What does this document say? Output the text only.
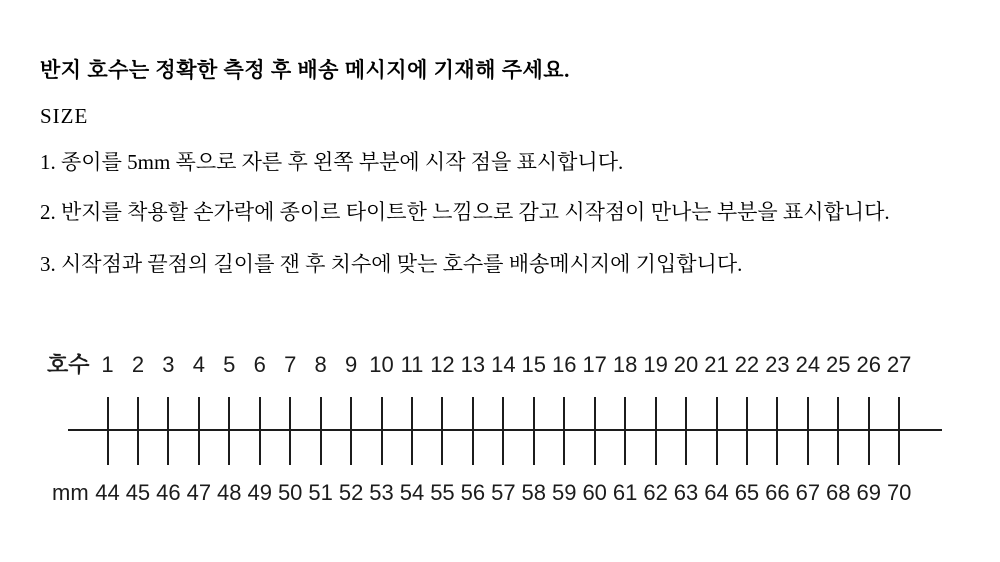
반지 호수는 정확한 측정 후 배송 메시지에 기재해 주세요.

SIZE

1. 종이를 5mm 폭으로 자른 후 왼쪽 부분에 시작 점을 표시합니다.

2. 반지를 착용할 손가락에 종이르 타이트한 느낌으로 감고 시작점이 만나는 부분을 표시합니다.

3. 시작점과 끝점의 길이를 잰 후 치수에 맞는 호수를 배송메시지에 기입합니다.

호수
mm
1
44
2
45
3
46
4
47
5
48
6
49
7
50
8
51
9
52
10
53
11
54
12
55
13
56
14
57
15
58
16
59
17
60
18
61
19
62
20
63
21
64
22
65
23
66
24
67
25
68
26
69
27
70
